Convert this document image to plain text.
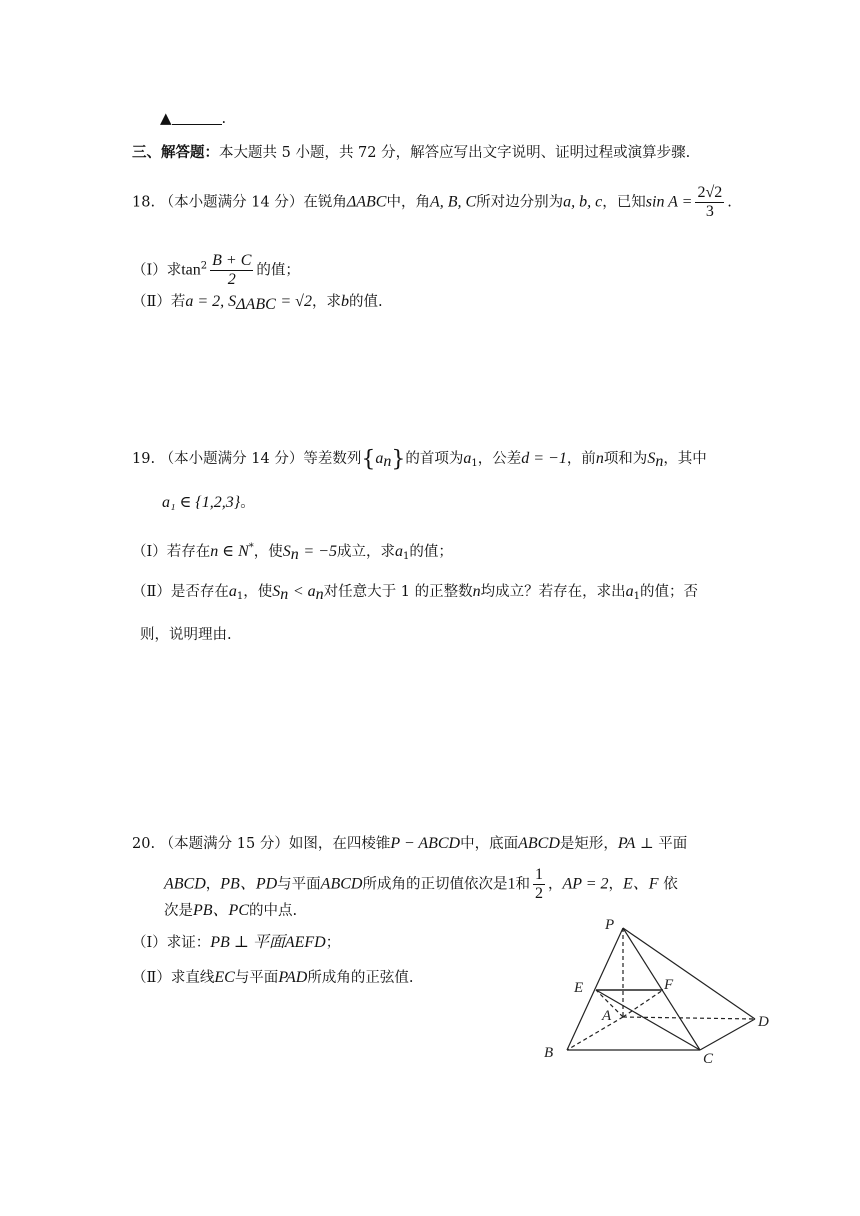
▲	.
三、解答题：本大题共 5 小题，共 72 分，解答应写出文字说明、证明过程或演算步骤.
18. （本小题满分 14 分）在锐角ΔABC中，角A, B, C所对边分别为a, b, c，已知$\sin A = \frac{2√2}{3}$ .
（Ⅰ）求$\tan^2 \frac{B + C}{2}$ 的值；
（Ⅱ）若a = 2, $S_{\Delta ABC} = √2$，求b的值.
19. （本小题满分 14 分）等差数列$\{a_n\}$的首项为$a_1$，公差d = −1，前n项和为$S_n$，其中
a₁ ∈ {1,2,3}。
（Ⅰ）若存在n ∈ N*，使$S_n = -5$成立，求$a_1$的值；
（Ⅱ）是否存在$a_1$，使$S_n < a_n$对任意大于 1 的正整数n均成立？若存在，求出$a_1$的值；否
则，说明理由.
20. （本题满分 15 分）如图，在四棱锥P − ABCD中，底面ABCD是矩形，PA ⊥ 平面
ABCD，PB、PD与平面ABCD所成角的正切值依次是1和 $\frac{1}{2}$ ，AP = 2，E、F 依
次是PB、PC的中点.
（Ⅰ）求证：PB ⊥ 平面AEFD；
（Ⅱ）求直线EC与平面PAD所成角的正弦值.
P
E	F
A	D
B	C
